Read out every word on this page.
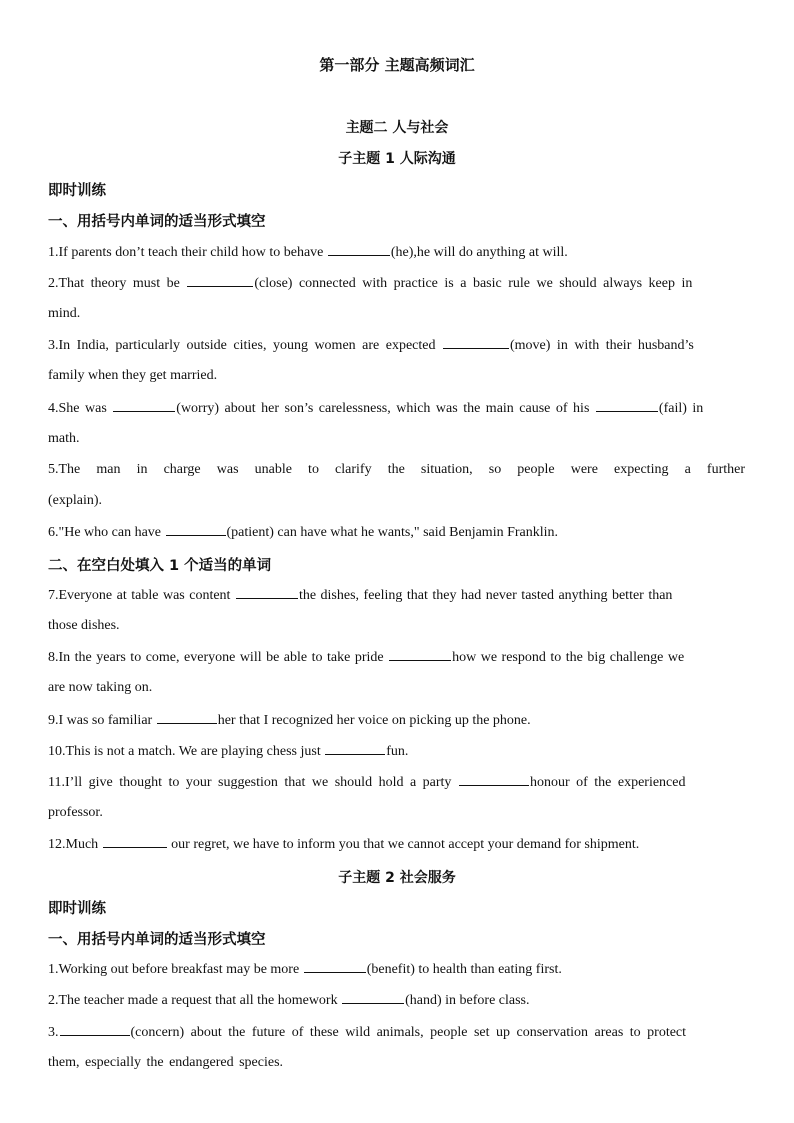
第一部分 主题高频词汇
主题二 人与社会
子主题 1 人际沟通
即时训练
一、用括号内单词的适当形式填空
1.If parents don’t teach their child how to behave	(he),he will do anything at will.
2.That theory must be	(close) connected with practice is a basic rule we should always keep in
mind.
3.In India, particularly outside cities, young women are expected	(move) in with their husband’s
family when they get married.
4.She was	(worry) about her son’s carelessness, which was the main cause of his	(fail) in
math.
5.The man in charge was unable to clarify the situation, so people were expecting a further
(explain).
6."He who can have	(patient) can have what he wants," said Benjamin Franklin.
二、在空白处填入 1 个适当的单词
7.Everyone at table was content	the dishes, feeling that they had never tasted anything better than
those dishes.
8.In the years to come, everyone will be able to take pride	how we respond to the big challenge we
are now taking on.
9.I was so familiar	her that I recognized her voice on picking up the phone.
10.This is not a match. We are playing chess just	fun.
11.I’ll give thought to your suggestion that we should hold a party	honour of the experienced
professor.
12.Much	our regret, we have to inform you that we cannot accept your demand for shipment.
子主题 2 社会服务
即时训练
一、用括号内单词的适当形式填空
1.Working out before breakfast may be more	(benefit) to health than eating first.
2.The teacher made a request that all the homework	(hand) in before class.
3.	(concern) about the future of these wild animals, people set up conservation areas to protect
them, especially the endangered species.
